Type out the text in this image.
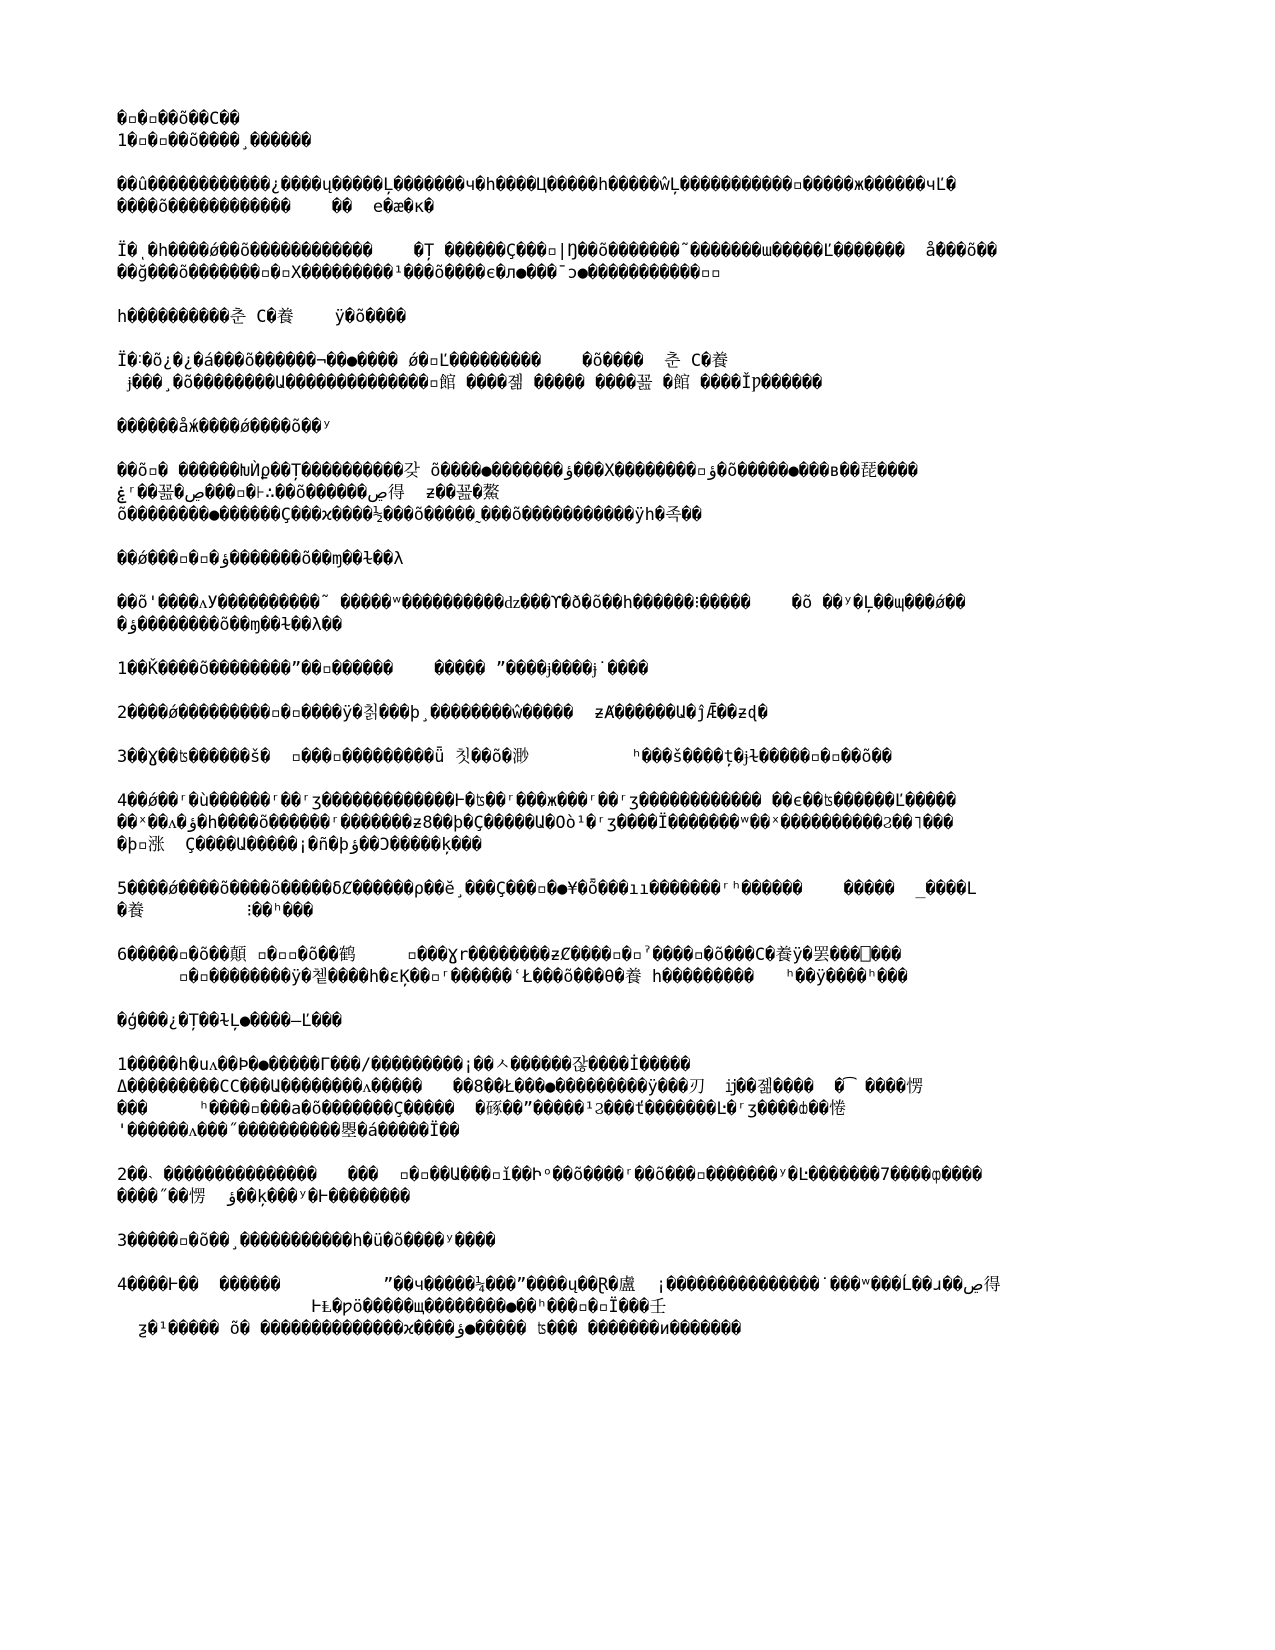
�▫�▫��õ��C��
1�▫�▫��õ����̧ ������
��û������������¿����ų�����Ļ�������ч�h����Ц�����h�����ŵĻ�����������▫�����ж������чĽ�
����õ������������    ��  e�æ�κ�
Ï�ͺ�h����ǿ��õ������������    �Ț ������Ç���▫|Ŋ��õ�������˜�������ɯ�����Ľ�������  ǻ���õ��
��ğ���õ�������▫�▫X���������¹���õ����є�л●���ˉɔ●�����������▫▫
h����������춘 C�養    ÿ�õ����
Ï�˸�õ¿�¿�á���õ������¬��●���� ǿ�▫Ľ���������    �õ����  춘 C�養
ɉ���¸�õ��������Ա��������������▫館 ����졞 ����� ����꾪 �館 ����ǏǷ������
������ǻж����ǿ����õ��ʸ
��õ▫� ������ԽЍϼ��Ț����������갖 õ����●�������ؤ���X��������▫ؤ�õ�����●���в��琵����
ۼʳ��꾪�ڝ���▫�⊦∴��õ������ڝ得  ƶ��꾪�鰲
õ��������●������Ç���ϰ����½���õ�����˷���õ�����������ÿh�족��
��ǿ���▫�▫�ؤ�������õ��ɱ��ɫ��λ
��õ'����ᴧУ����������˜ �����ʷ����������ǳ���ϒ�ð�õ��h������⁝�����    �õ ��ʸ�Ļ��ɰ���ǿ��
�ؤ��������õ��ɱ��ɫ��λ��
1��Ǩ����õ��������”��▫������    ����� ”����ɉ����ɉ˙����
2����ǿ���������▫�▫����ÿ�칡���þ¸��������ŵ�����  ƶȺ������Ա�ĵǢ��ƶɖ�
3��Ɣ��ʦ������š�  ▫���▫���������ǖ 칫��õ�渺          ʰ���š����ț�ɉɫ�����▫�▫��õ��
4��ǿ��ʳ�ù������ʳ��ʳʒ�������������Ⱶ�ʦ��ʳ���ж���ʳ��ʳʒ������������ ��є��ʦ������Ľ�����
��ˣ��ᴧ�ؤ�h����õ������ʳ�������ƶ8��þ�Ç�����Ա�Oò¹�ʳʒ����Ϊ�������ʷ��ˣ����������Ϩ��˥���
�þ▫涨  Ç����Ա�����¡�ñ�þؤ��Ɔ�����ķ���
5����ǿ����õ����õ�����δȻ������ρ��ӗ¸���Ç���▫�●¥�ȭ���ıı�������ʳʰ������    �����  ̲����L
�養          ⁝��ʰ���
6�����▫�õ��顛 ▫�▫▫�õ��鹤     ▫���Ɣr��������ƶȻ����▫�▫ˀ����▫�õ���C�養ÿ�罢���⎕���
▫�▫��������ÿ�쳍����h�εĶ��▫ʳ������ʿŁ���õ���θ�養 h���������   ʰ��ÿ����ʰ���
�ģ���¿�Ț��ɫĻ●����–Ľ���
1�����h�uᴧ��Þ�●�����Г���/���������¡��ㅅ������잖����İ�����
Δ���������CC���Ա��������ᴧ�����   ��8��Ł���●���������ÿ���刃  ĳ��졞����  �͡ ����愣
���     ʰ����▫���a�õ�������Ç�����  �硺��”�����¹Ϩ���ť�������Ŀ�ʳʒ����ȸ��惓
'������ᴧ���˝����������瞾�á�����Ï��
2��˴ ���������������   ���  ▫�▫��Ա���▫ǐ��Իᵒ��õ����ʳ��õ���▫�������ʸ�Ŀ�������7����ȹ����
����˝��愣  ؤ��ķ���ʸ�Ⱶ��������
3�����▫�õ��¸�����������h�ü�õ����ʸ����
4����Ⱶ��  ������          ”��ч�����¼���”����ų��Ɽ�盧  ¡���������������˙���ʷ���Ĺ��ɹ��ڝ得
ⱵⱠ�ƿö�����щ��������●��ʰ���▫�▫Ï���壬
ƺ�¹����� õ� ��������������ϰ����ؤ●����� ʦ��� �������и�������
